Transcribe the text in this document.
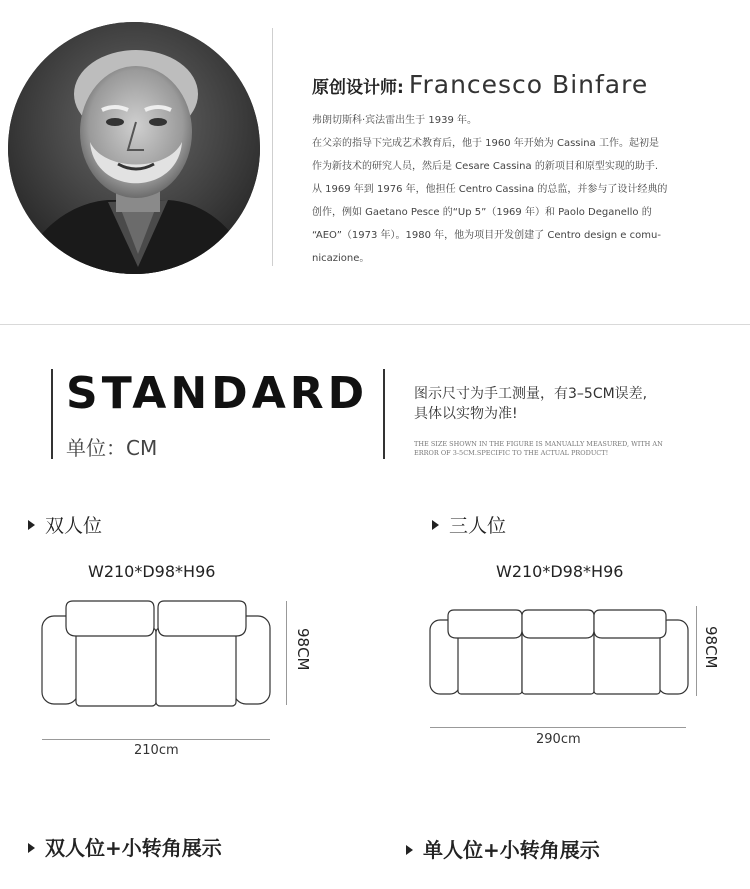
原创设计师: Francesco Binfare
弗朗切斯科·宾法雷出生于 1939 年。
在父亲的指导下完成艺术教育后，他于 1960 年开始为 Cassina 工作。起初是
作为新技术的研究人员，然后是 Cesare Cassina 的新项目和原型实现的助手.
从 1969 年到 1976 年，他担任 Centro Cassina 的总监，并参与了设计经典的
创作，例如 Gaetano Pesce 的“Up 5”（1969 年）和 Paolo Deganello 的
“AEO”（1973 年）。1980 年，他为项目开发创建了 Centro design e comu-
nicazione。
STANDARD
单位：CM
图示尺寸为手工测量，有3–5CM误差,
具体以实物为准!
THE SIZE SHOWN IN THE FIGURE IS MANUALLY MEASURED, WITH AN
ERROR OF 3-5CM.SPECIFIC TO THE ACTUAL PRODUCT!
双人位
W210*D98*H96
98CM
210cm
三人位
W210*D98*H96
98CM
290cm
双人位+小转角展示	单人位+小转角展示
